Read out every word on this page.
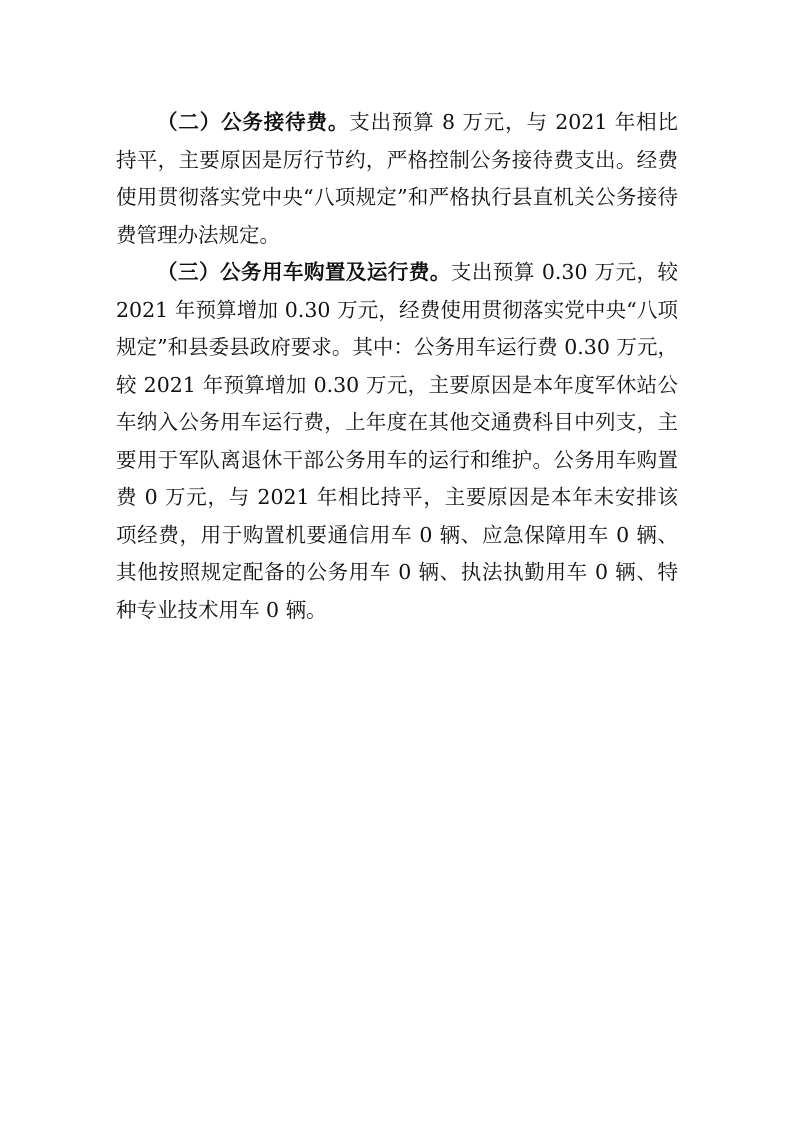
（二）公务接待费。支出预算 8 万元，与 2021 年相比持平，主要原因是厉行节约，严格控制公务接待费支出。经费使用贯彻落实党中央“八项规定”和严格执行县直机关公务接待费管理办法规定。

（三）公务用车购置及运行费。支出预算 0.30 万元，较 2021 年预算增加 0.30 万元，经费使用贯彻落实党中央“八项规定”和县委县政府要求。其中：公务用车运行费 0.30 万元，较 2021 年预算增加 0.30 万元，主要原因是本年度军休站公车纳入公务用车运行费，上年度在其他交通费科目中列支，主要用于军队离退休干部公务用车的运行和维护。公务用车购置费 0 万元，与 2021 年相比持平，主要原因是本年未安排该项经费，用于购置机要通信用车 0 辆、应急保障用车 0 辆、其他按照规定配备的公务用车 0 辆、执法执勤用车 0 辆、特种专业技术用车 0 辆。
